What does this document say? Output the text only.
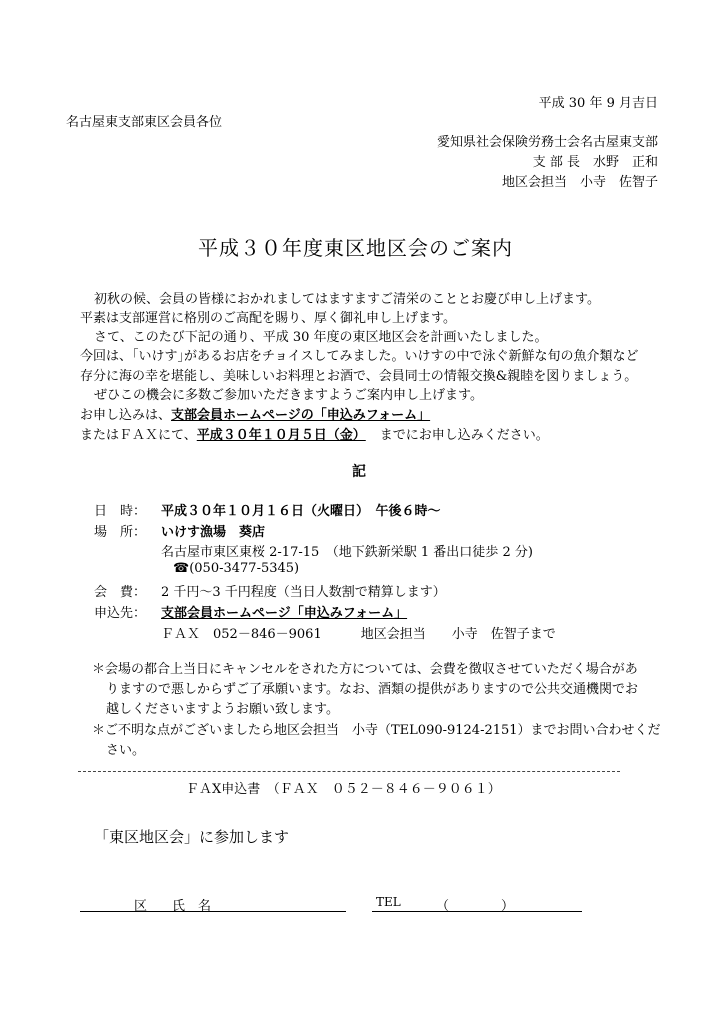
平成 30 年 9 月吉日
名古屋東支部東区会員各位
愛知県社会保険労務士会名古屋東支部
支 部 長　水野　正和
地区会担当　小寺　佐智子
平成３０年度東区地区会のご案内
初秋の候、会員の皆様におかれましてはますますご清栄のこととお慶び申し上げます。
平素は支部運営に格別のご高配を賜り、厚く御礼申し上げます。
さて、このたび下記の通り、平成 30 年度の東区地区会を計画いたしました。
今回は、｢いけす｣があるお店をチョイスしてみました。いけすの中で泳ぐ新鮮な旬の魚介類など
存分に海の幸を堪能し、美味しいお料理とお酒で、会員同士の情報交換&親睦を図りましょう。
ぜひこの機会に多数ご参加いただきますようご案内申し上げます。
お申し込みは、支部会員ホームページの「申込みフォーム」
またはＦＡＸにて、平成３０年１０月５日（金） までにお申し込みください。
記
日　時： 平成３０年１０月１６日（火曜日）　午後６時～
場　所： いけす漁場　葵店
名古屋市東区東桜 2-17-15　（地下鉄新栄駅 1 番出口徒歩 2 分)
☎(050-3477-5345)
会　費： 2 千円～3 千円程度（当日人数割で精算します）
申込先： 支部会員ホームページ「申込みフォーム」
ＦＡＸ　052－846－9061　　　地区会担当　　小寺　佐智子まで
＊会場の都合上当日にキャンセルをされた方については、会費を徴収させていただく場合があ
りますので悪しからずご了承願います。なお、酒類の提供がありますので公共交通機関でお
越しくださいますようお願い致します。
＊ご不明な点がございましたら地区会担当　小寺（TEL090-9124-2151）までお問い合わせくだ
さい。
ＦＡX申込書　（ＦＡＸ　０５２－８４６－９０６１）
「東区地区会」に参加します
区 氏　名	TEL	（　　　　）
